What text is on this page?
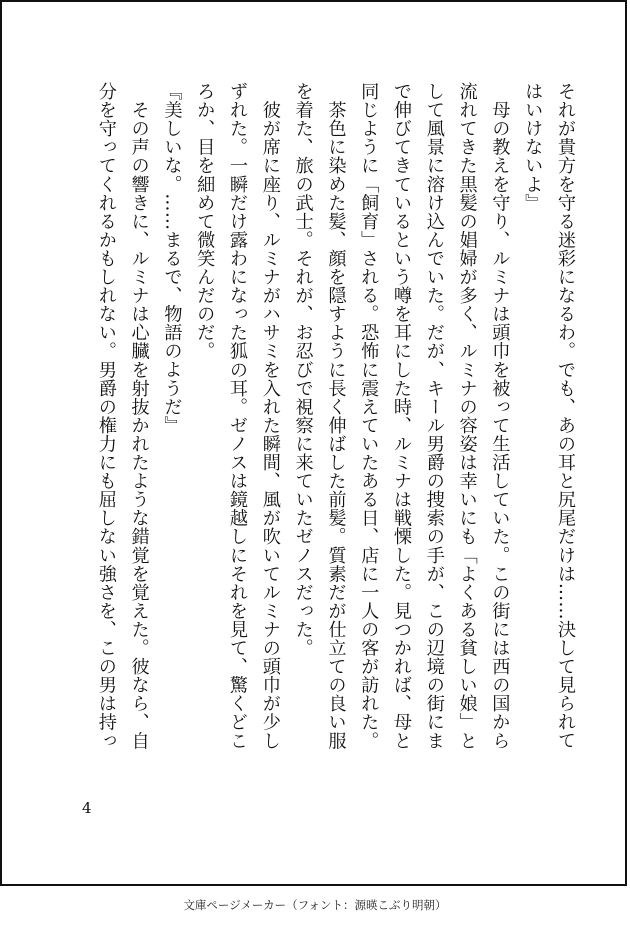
それが貴方を守る迷彩になるわ。でも、あの耳と尻尾だけは……決して見られて
はいけないよ』
　母の教えを守り、ルミナは頭巾を被って生活していた。この街には西の国から
流れてきた黒髪の娼婦が多く、ルミナの容姿は幸いにも「よくある貧しい娘」と
して風景に溶け込んでいた。だが、キール男爵の捜索の手が、この辺境の街にま
で伸びてきているという噂を耳にした時、ルミナは戦慄した。見つかれば、母と
同じように「飼育」される。恐怖に震えていたある日、店に一人の客が訪れた。
　茶色に染めた髪、顔を隠すように長く伸ばした前髪。質素だが仕立ての良い服
を着た、旅の武士。それが、お忍びで視察に来ていたゼノスだった。
　彼が席に座り、ルミナがハサミを入れた瞬間、風が吹いてルミナの頭巾が少し
ずれた。一瞬だけ露わになった狐の耳。ゼノスは鏡越しにそれを見て、驚くどこ
ろか、目を細めて微笑んだのだ。
『美しいな。……まるで、物語のようだ』
　その声の響きに、ルミナは心臓を射抜かれたような錯覚を覚えた。彼なら、自
分を守ってくれるかもしれない。男爵の権力にも屈しない強さを、この男は持っ
4
文庫ページメーカー（フォント：源暎こぶり明朝）
